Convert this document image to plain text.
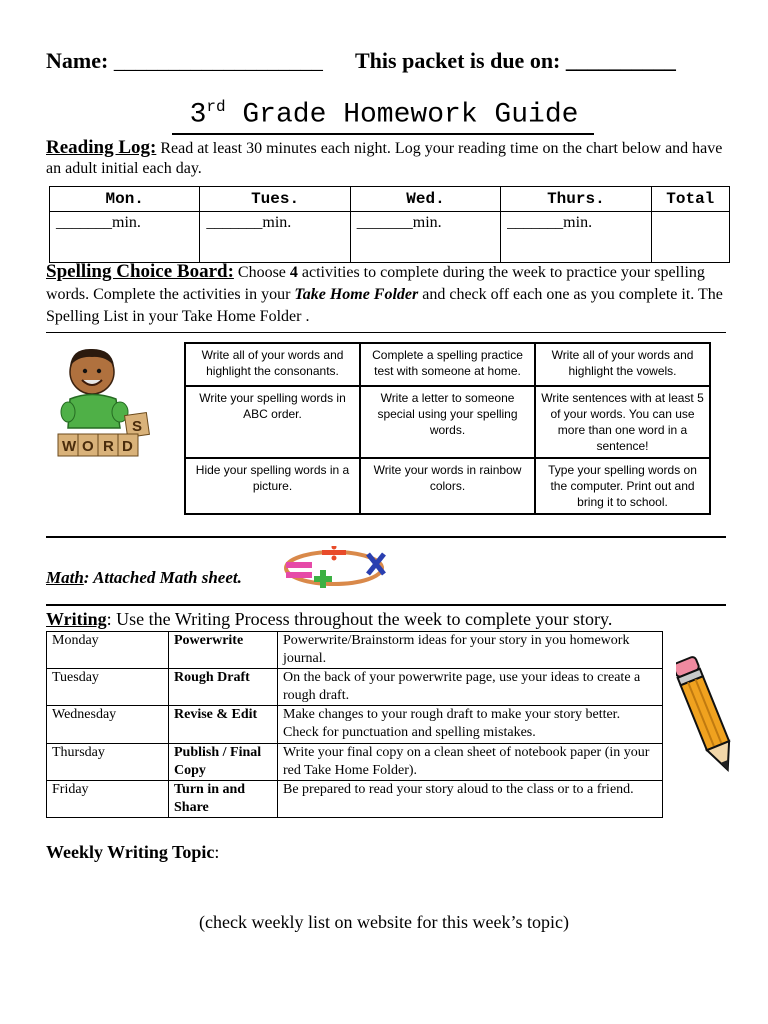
Name: ___________________ This packet is due on: __________
3rd Grade Homework Guide
Reading Log: Read at least 30 minutes each night. Log your reading time on the chart below and have an adult initial each day.
Mon.	Tues.	Wed.	Thurs.	Total
_______min.	_______min.	_______min.	_______min.	
Spelling Choice Board: Choose 4 activities to complete during the week to practice your spelling words. Complete the activities in your Take Home Folder and check off each one as you complete it. The Spelling List in your Take Home Folder .
W O R D
S
Write all of your words and highlight the consonants.	Complete a spelling practice test with someone at home.	Write all of your words and highlight the vowels.
Write your spelling words in ABC order.	Write a letter to someone special using your spelling words.	Write sentences with at least 5 of your words. You can use more than one word in a sentence!
Hide your spelling words in a picture.	Write your words in rainbow colors.	Type your spelling words on the computer. Print out and bring it to school.
Math: Attached Math sheet.
Writing: Use the Writing Process throughout the week to complete your story.
Monday	Powerwrite	Powerwrite/Brainstorm ideas for your story in you homework journal.
Tuesday	Rough Draft	On the back of your powerwrite page, use your ideas to create a rough draft.
Wednesday	Revise & Edit	Make changes to your rough draft to make your story better. Check for punctuation and spelling mistakes.
Thursday	Publish / Final Copy	Write your final copy on a clean sheet of notebook paper (in your red Take Home Folder).
Friday	Turn in and Share	Be prepared to read your story aloud to the class or to a friend.
Weekly Writing Topic:
(check weekly list on website for this week’s topic)
